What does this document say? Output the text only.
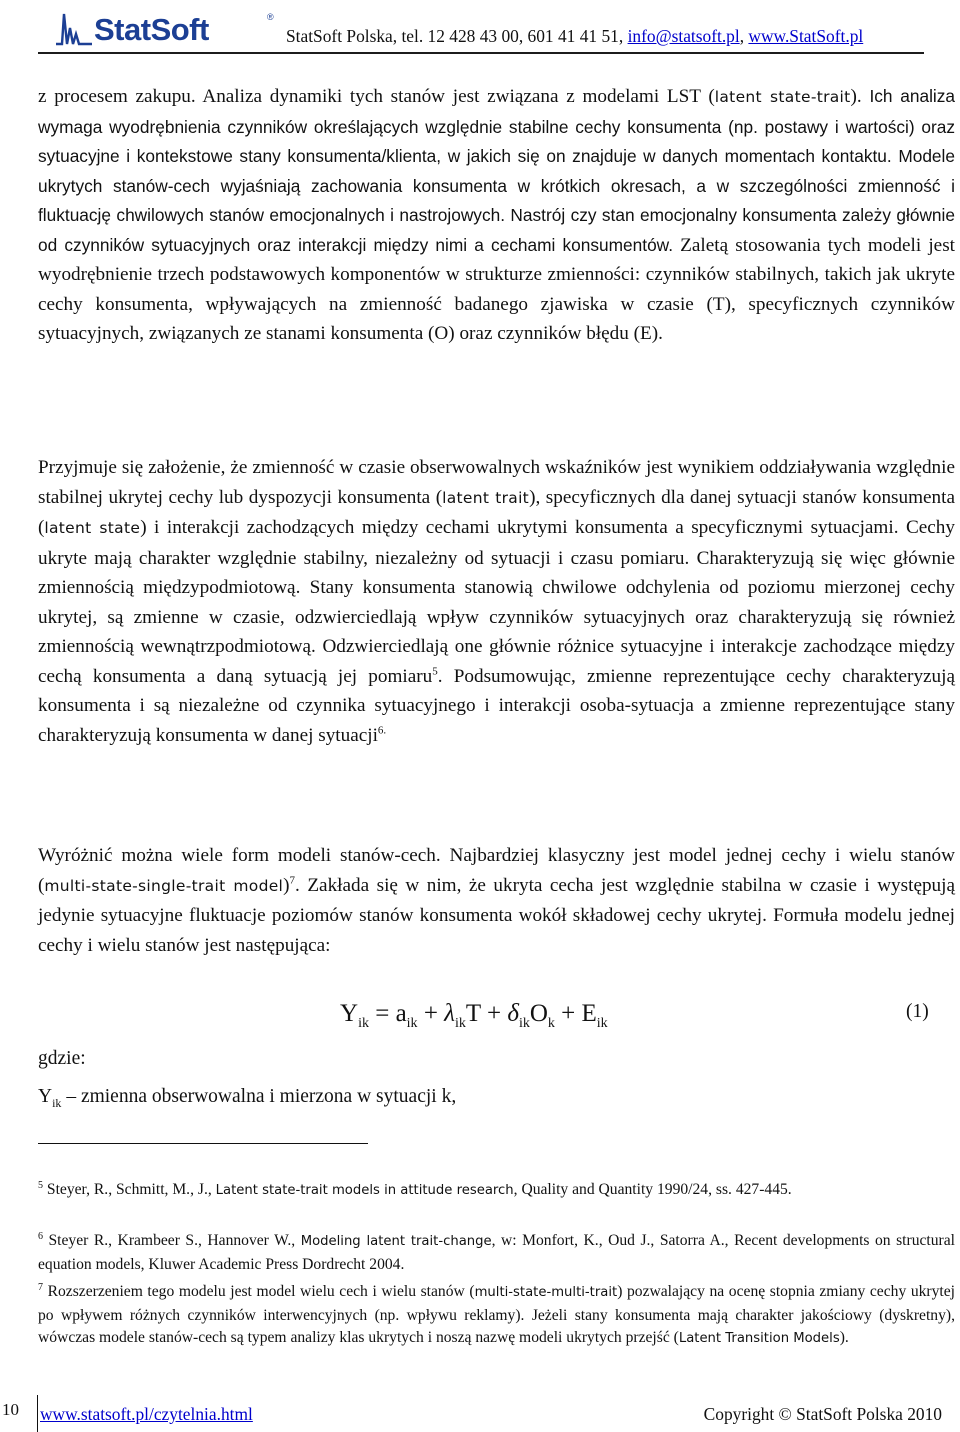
StatSoft	®
StatSoft Polska, tel. 12 428 43 00, 601 41 41 51, info@statsoft.pl, www.StatSoft.pl

z procesem zakupu. Analiza dynamiki tych stanów jest związana z modelami LST (latent state-trait). Ich analiza wymaga wyodrębnienia czynników określających względnie stabilne cechy konsumenta (np. postawy i wartości) oraz sytuacyjne i kontekstowe stany konsumenta/klienta, w jakich się on znajduje w danych momentach kontaktu. Modele ukrytych stanów-cech wyjaśniają zachowania konsumenta w krótkich okresach, a w szczególności zmienność i fluktuację chwilowych stanów emocjonalnych i nastrojowych. Nastrój czy stan emocjonalny konsumenta zależy głównie od czynników sytuacyjnych oraz interakcji między nimi a cechami konsumentów. Zaletą stosowania tych modeli jest wyodrębnienie trzech podstawowych komponentów w strukturze zmienności: czynników stabilnych, takich jak ukryte cechy konsumenta, wpływających na zmienność badanego zjawiska w czasie (T), specyficznych czynników sytuacyjnych, związanych ze stanami konsumenta (O) oraz czynników błędu (E).

Przyjmuje się założenie, że zmienność w czasie obserwowalnych wskaźników jest wynikiem oddziaływania względnie stabilnej ukrytej cechy lub dyspozycji konsumenta (latent trait), specyficznych dla danej sytuacji stanów konsumenta (latent state) i interakcji zachodzących między cechami ukrytymi konsumenta a specyficznymi sytuacjami. Cechy ukryte mają charakter względnie stabilny, niezależny od sytuacji i czasu pomiaru. Charakteryzują się więc głównie zmiennością międzypodmiotową. Stany konsumenta stanowią chwilowe odchylenia od poziomu mierzonej cechy ukrytej, są zmienne w czasie, odzwierciedlają wpływ czynników sytuacyjnych oraz charakteryzują się również zmiennością wewnątrzpodmiotową. Odzwierciedlają one głównie różnice sytuacyjne i interakcje zachodzące między cechą konsumenta a daną sytuacją jej pomiaru$^5$. Podsumowując, zmienne reprezentujące cechy charakteryzują konsumenta i są niezależne od czynnika sytuacyjnego i interakcji osoba-sytuacja a zmienne reprezentujące stany charakteryzują konsumenta w danej sytuacji$^{6.}$

Wyróżnić można wiele form modeli stanów-cech. Najbardziej klasyczny jest model jednej cechy i wielu stanów (multi-state-single-trait model)$^7$. Zakłada się w nim, że ukryta cecha jest względnie stabilna w czasie i występują jedynie sytuacyjne fluktuacje poziomów stanów konsumenta wokół składowej cechy ukrytej. Formuła modelu jednej cechy i wielu stanów jest następująca:

$Y_{ik} = a_{ik} + \lambda_{ik}T + \delta_{ik}O_k + E_{ik}$
(1)
gdzie:
$Y_{ik}$ – zmienna obserwowalna i mierzona w sytuacji k,

$^5$ Steyer, R., Schmitt, M., J., Latent state-trait models in attitude research, Quality and Quantity 1990/24, ss. 427-445.

$^6$ Steyer R., Krambeer S., Hannover W., Modeling latent trait-change, w: Monfort, K., Oud J., Satorra A., Recent developments on structural equation models, Kluwer Academic Press Dordrecht 2004.

$^7$ Rozszerzeniem tego modelu jest model wielu cech i wielu stanów (multi-state-multi-trait) pozwalający na ocenę stopnia zmiany cechy ukrytej po wpływem różnych czynników interwencyjnych (np. wpływu reklamy). Jeżeli stany konsumenta mają charakter jakościowy (dyskretny), wówczas modele stanów-cech są typem analizy klas ukrytych i noszą nazwę modeli ukrytych przejść (Latent Transition Models).

10 www.statsoft.pl/czytelnia.html	Copyright © StatSoft Polska 2010
